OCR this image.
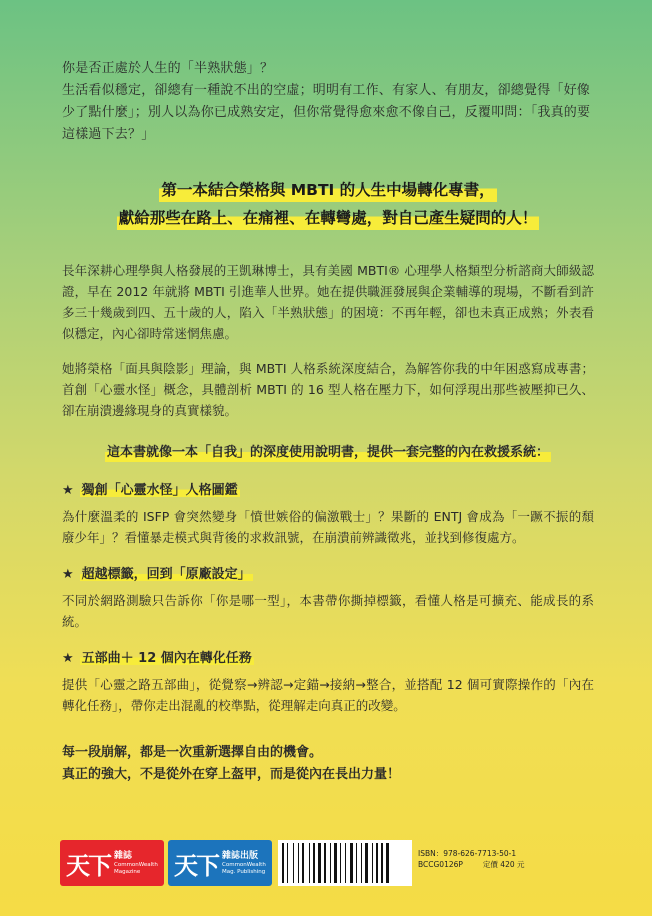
你是否正處於人生的「半熟狀態」？

生活看似穩定，卻總有一種說不出的空虛；明明有工作、有家人、有朋友，卻總覺得「好像少了點什麼」；別人以為你已成熟安定，但你常覺得愈來愈不像自己，反覆叩問：「我真的要這樣過下去？」

第一本結合榮格與 MBTI 的人生中場轉化專書，
獻給那些在路上、在痛裡、在轉彎處，對自己產生疑問的人！

長年深耕心理學與人格發展的王凱琳博士，具有美國 MBTI® 心理學人格類型分析諮商大師級認證，早在 2012 年就將 MBTI 引進華人世界。她在提供職涯發展與企業輔導的現場，不斷看到許多三十幾歲到四、五十歲的人，陷入「半熟狀態」的困境：不再年輕，卻也未真正成熟；外表看似穩定，內心卻時常迷惘焦慮。

她將榮格「面具與陰影」理論，與 MBTI 人格系統深度結合，為解答你我的中年困惑寫成專書；首創「心靈水怪」概念，具體剖析 MBTI 的 16 型人格在壓力下，如何浮現出那些被壓抑已久、卻在崩潰邊緣現身的真實樣貌。

這本書就像一本「自我」的深度使用說明書，提供一套完整的內在救援系統：
★ 獨創「心靈水怪」人格圖鑑

為什麼溫柔的 ISFP 會突然變身「憤世嫉俗的偏激戰士」？果斷的 ENTJ 會成為「一蹶不振的頹廢少年」？看懂暴走模式與背後的求救訊號，在崩潰前辨識徵兆，並找到修復處方。

★ 超越標籤，回到「原廠設定」

不同於網路測驗只告訴你「你是哪一型」，本書帶你撕掉標籤，看懂人格是可擴充、能成長的系統。

★ 五部曲＋ 12 個內在轉化任務

提供「心靈之路五部曲」，從覺察→辨認→定錨→接納→整合，並搭配 12 個可實際操作的「內在轉化任務」，帶你走出混亂的校準點，從理解走向真正的改變。

每一段崩解，都是一次重新選擇自由的機會。

真正的強大，不是從外在穿上盔甲，而是從內在長出力量！

天下 雜誌
CommonWealth
Magazine	天下 雜誌出版
CommonWealth
Mag. Publishing
ISBN：978-626-7713-50-1
BCCG0126P	定價 420 元
